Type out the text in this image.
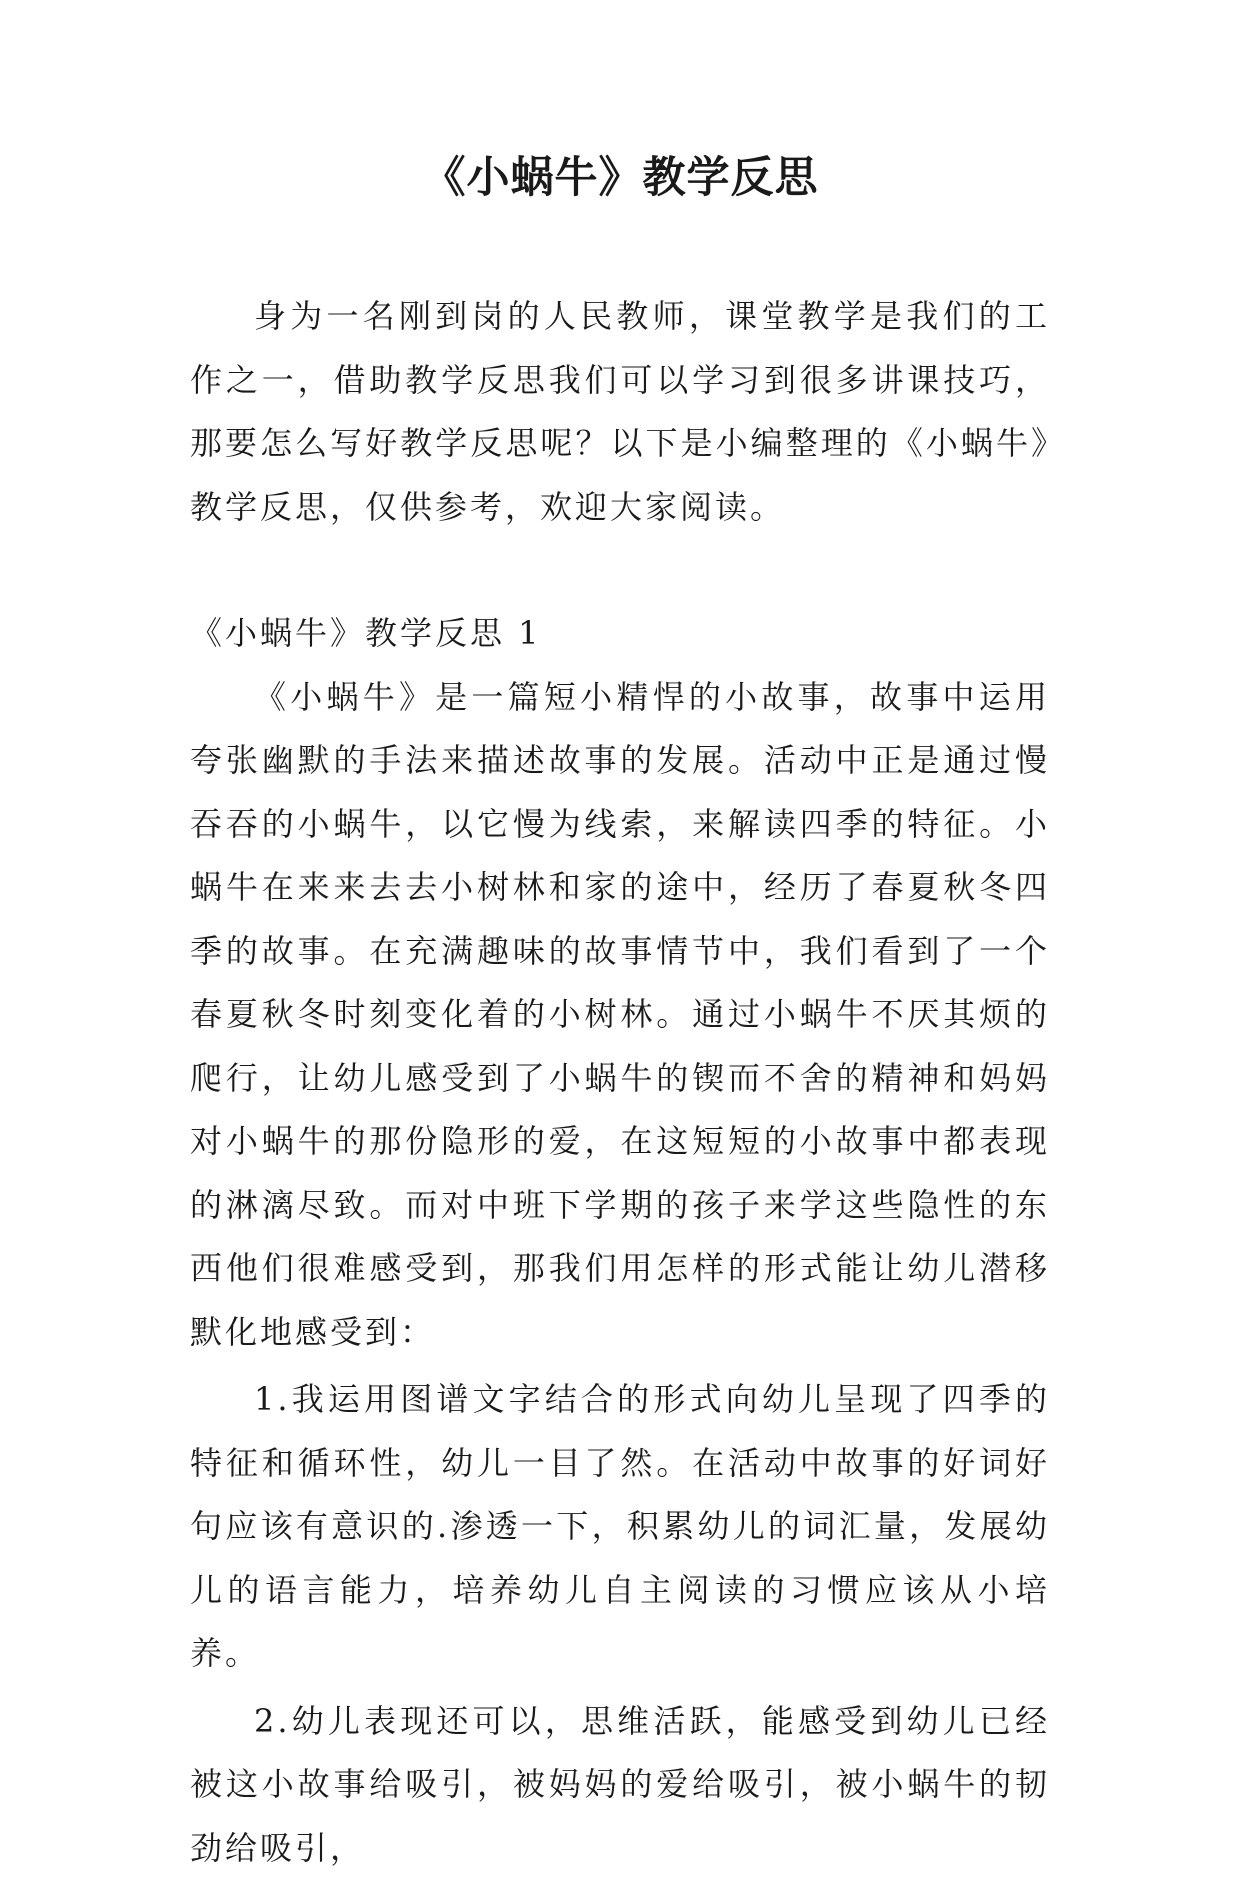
《小蜗牛》教学反思

身为一名刚到岗的人民教师，课堂教学是我们的工作之一，借助教学反思我们可以学习到很多讲课技巧，那要怎么写好教学反思呢？以下是小编整理的《小蜗牛》教学反思，仅供参考，欢迎大家阅读。

《小蜗牛》教学反思 1

《小蜗牛》是一篇短小精悍的小故事，故事中运用夸张幽默的手法来描述故事的发展。活动中正是通过慢吞吞的小蜗牛，以它慢为线索，来解读四季的特征。小蜗牛在来来去去小树林和家的途中，经历了春夏秋冬四季的故事。在充满趣味的故事情节中，我们看到了一个春夏秋冬时刻变化着的小树林。通过小蜗牛不厌其烦的爬行，让幼儿感受到了小蜗牛的锲而不舍的精神和妈妈对小蜗牛的那份隐形的爱，在这短短的小故事中都表现的淋漓尽致。而对中班下学期的孩子来学这些隐性的东西他们很难感受到，那我们用怎样的形式能让幼儿潜移默化地感受到：

1.我运用图谱文字结合的形式向幼儿呈现了四季的特征和循环性，幼儿一目了然。在活动中故事的好词好句应该有意识的.渗透一下，积累幼儿的词汇量，发展幼儿的语言能力，培养幼儿自主阅读的习惯应该从小培养。

2.幼儿表现还可以，思维活跃，能感受到幼儿已经被这小故事给吸引，被妈妈的爱给吸引，被小蜗牛的韧劲给吸引，
